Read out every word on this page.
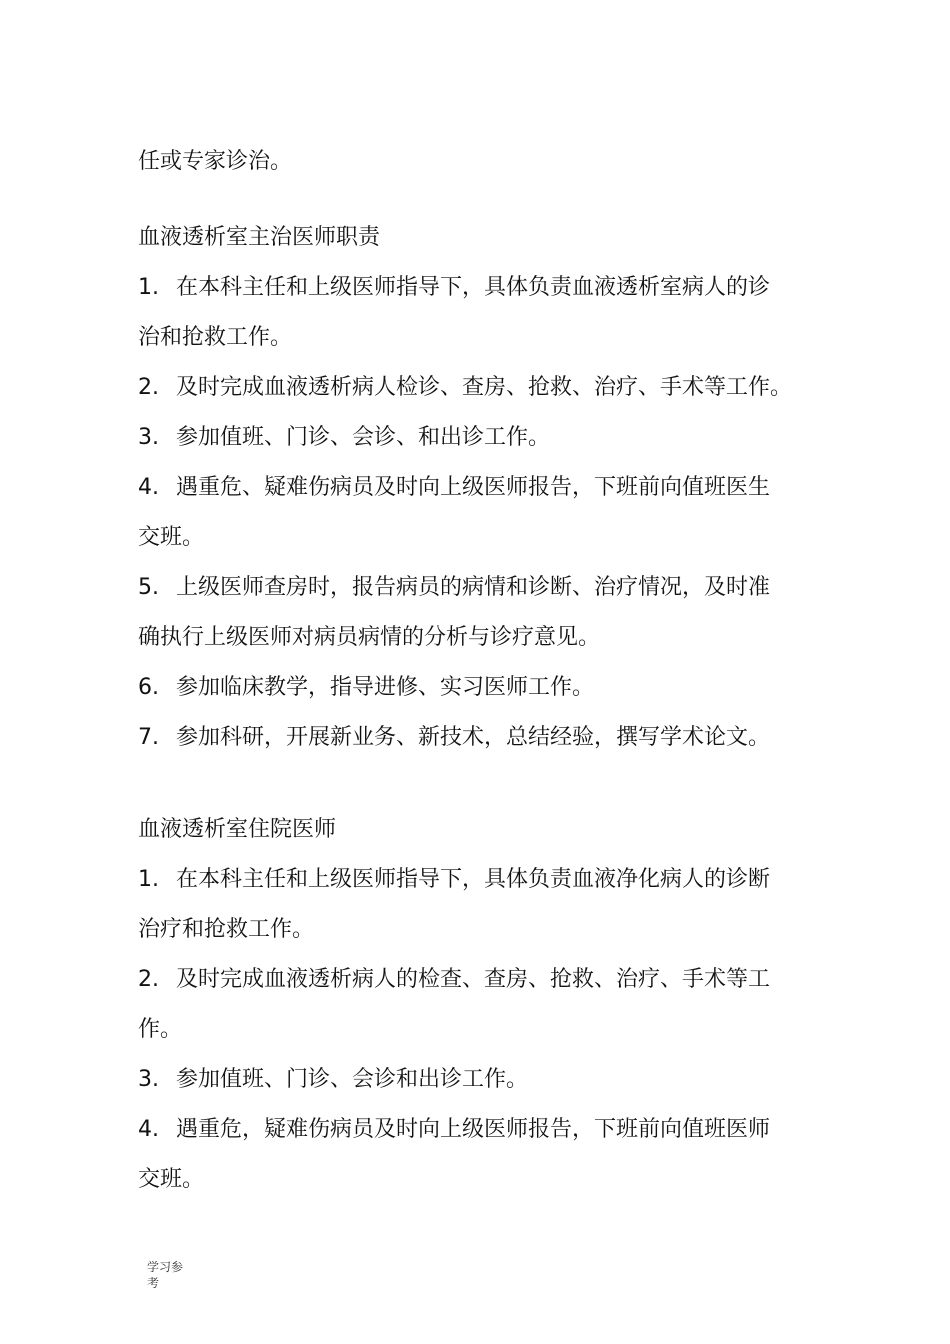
任或专家诊治。

血液透析室主治医师职责

1. 在本科主任和上级医师指导下，具体负责血液透析室病人的诊

治和抢救工作。

2. 及时完成血液透析病人检诊、查房、抢救、治疗、手术等工作。

3. 参加值班、门诊、会诊、和出诊工作。

4. 遇重危、疑难伤病员及时向上级医师报告，下班前向值班医生

交班。

5. 上级医师查房时，报告病员的病情和诊断、治疗情况，及时准

确执行上级医师对病员病情的分析与诊疗意见。

6. 参加临床教学，指导进修、实习医师工作。

7. 参加科研，开展新业务、新技术，总结经验，撰写学术论文。

血液透析室住院医师

1. 在本科主任和上级医师指导下，具体负责血液净化病人的诊断

治疗和抢救工作。

2. 及时完成血液透析病人的检查、查房、抢救、治疗、手术等工

作。

3. 参加值班、门诊、会诊和出诊工作。

4. 遇重危，疑难伤病员及时向上级医师报告，下班前向值班医师

交班。

学习参
考
